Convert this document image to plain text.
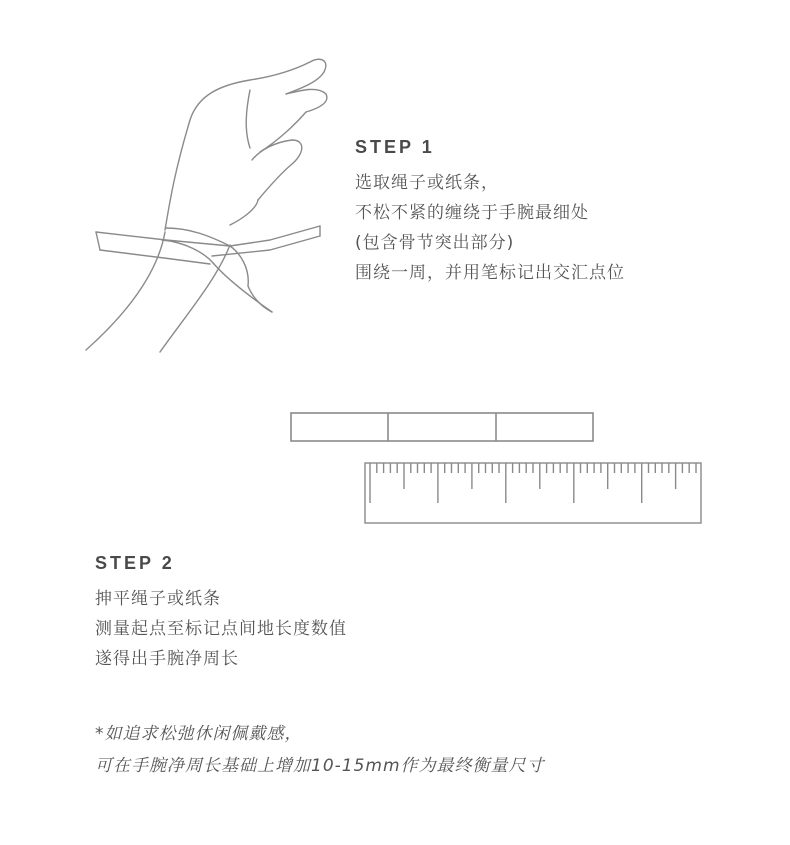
STEP 1
选取绳子或纸条，
不松不紧的缠绕于手腕最细处
(包含骨节突出部分)
围绕一周，并用笔标记出交汇点位
STEP 2
抻平绳子或纸条
测量起点至标记点间地长度数值
遂得出手腕净周长
*如追求松弛休闲佩戴感，
可在手腕净周长基础上增加10-15mm作为最终衡量尺寸
